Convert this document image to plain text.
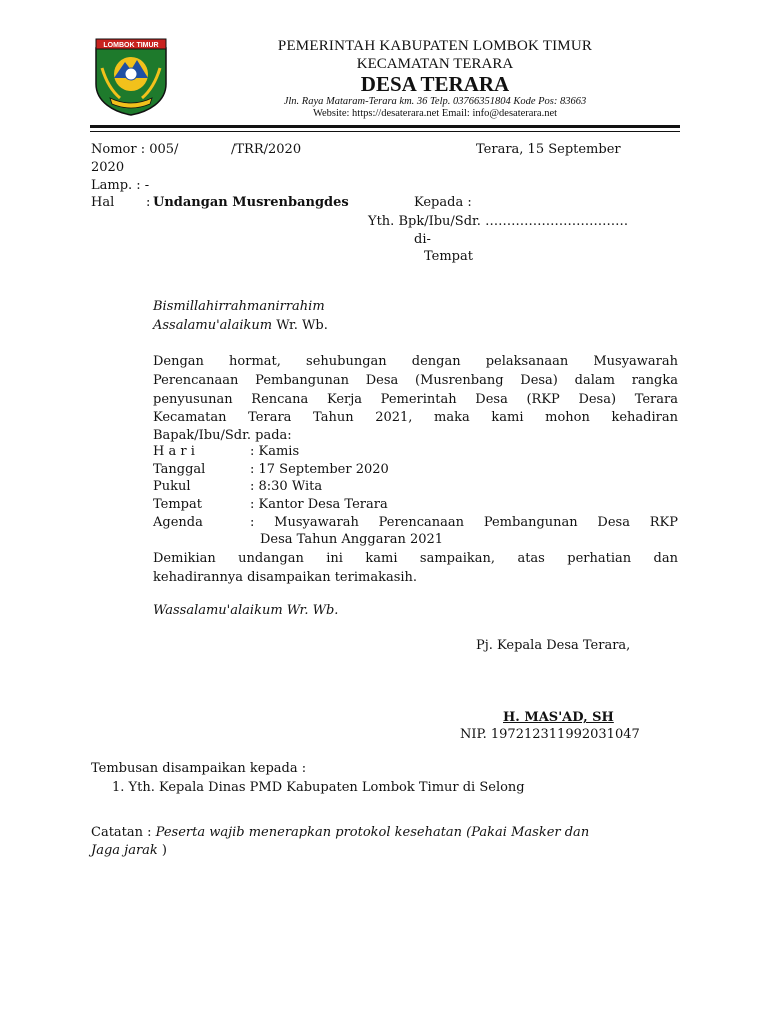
LOMBOK TIMUR	PEMERINTAH KABUPATEN LOMBOK TIMUR
KECAMATAN TERARA
DESA TERARA
Jln. Raya Mataram-Terara km. 36 Telp. 03766351804 Kode Pos: 83663
Website: https://desaterara.net Email: info@desaterara.net
Nomor : 005/	/TRR/2020	Terara, 15 September
2020
Lamp. : -
Hal : Undangan Musrenbangdes	Kepada :
Yth. Bpk/Ibu/Sdr. ……………………………
di-
Tempat
Bismillahirrahmanirrahim
Assalamu'alaikum Wr. Wb.
Dengan hormat, sehubungan dengan pelaksanaan Musyawarah
Perencanaan Pembangunan Desa (Musrenbang Desa) dalam rangka
penyusunan Rencana Kerja Pemerintah Desa (RKP Desa) Terara
Kecamatan Terara Tahun 2021, maka kami mohon kehadiran
Bapak/Ibu/Sdr. pada:
H a r i	: Kamis
Tanggal	: 17 September 2020
Pukul	: 8:30 Wita
Tempat	: Kantor Desa Terara
Agenda	: Musyawarah Perencanaan Pembangunan Desa RKP
Desa Tahun Anggaran 2021
Demikian undangan ini kami sampaikan, atas perhatian dan
kehadirannya disampaikan terimakasih.
Wassalamu'alaikum Wr. Wb.
Pj. Kepala Desa Terara,
H. MAS'AD, SH
NIP. 197212311992031047
Tembusan disampaikan kepada :
1. Yth. Kepala Dinas PMD Kabupaten Lombok Timur di Selong
Catatan : Peserta wajib menerapkan protokol kesehatan (Pakai Masker dan
Jaga jarak )
